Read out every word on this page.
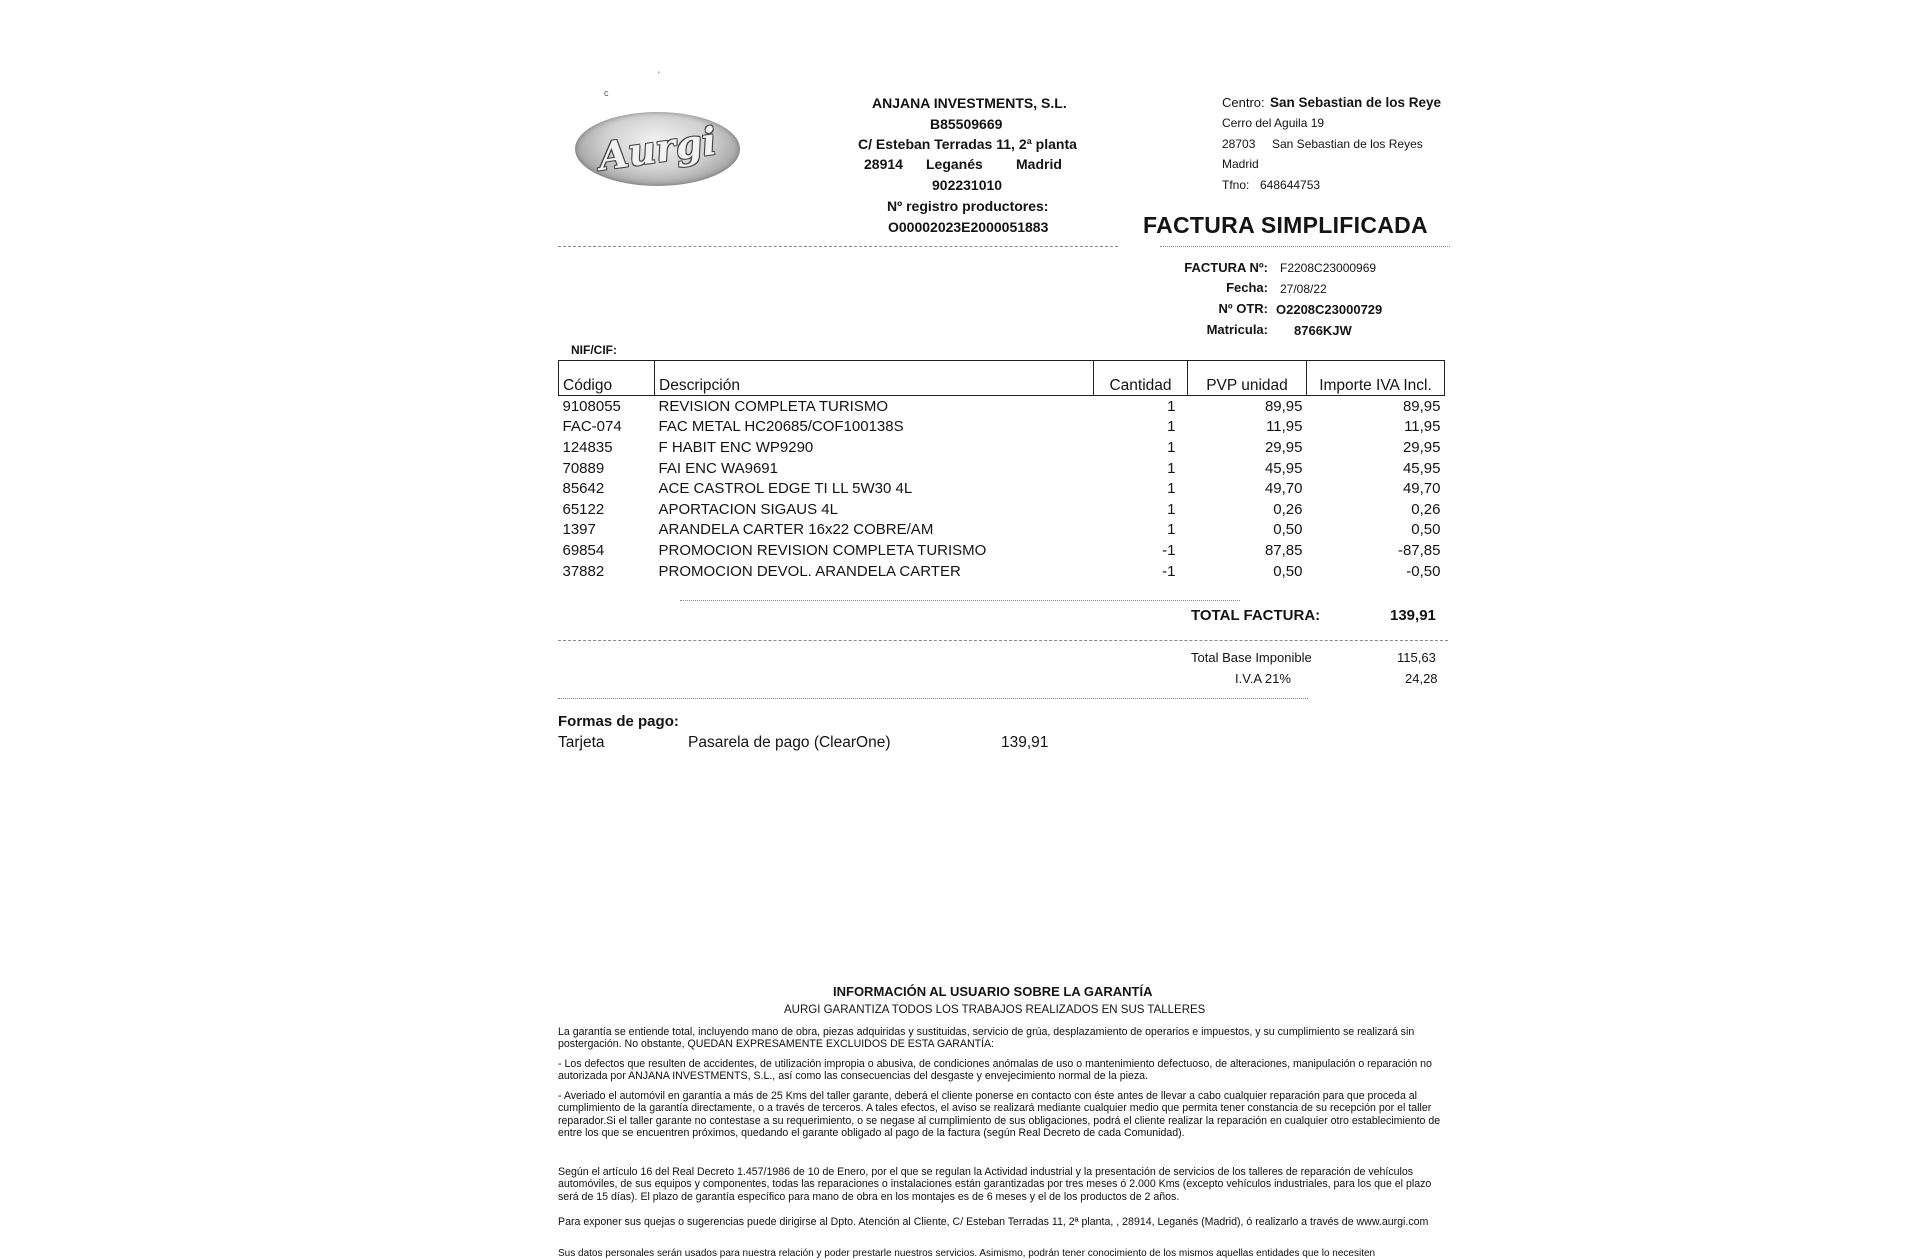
Aurgi
c
'
ANJANA INVESTMENTS, S.L.
B85509669
C/ Esteban Terradas 11, 2ª planta
28914 Leganés Madrid
902231010
Nº registro productores:
O00002023E2000051883
Centro: San Sebastian de los Reye
Cerro del Aguila 19
28703 San Sebastian de los Reyes
Madrid
Tfno: 648644753
FACTURA SIMPLIFICADA
FACTURA Nº: F2208C23000969
Fecha: 27/08/22
Nº OTR: O2208C23000729
Matricula: 8766KJW
NIF/CIF:
Código	Descripción	Cantidad	PVP unidad	Importe IVA Incl.
9108055	REVISION COMPLETA TURISMO	1	89,95	89,95
FAC-074	FAC METAL HC20685/COF100138S	1	11,95	11,95
124835	F HABIT ENC WP9290	1	29,95	29,95
70889	FAI ENC WA9691	1	45,95	45,95
85642	ACE CASTROL EDGE TI LL 5W30 4L	1	49,70	49,70
65122	APORTACION SIGAUS 4L	1	0,26	0,26
1397	ARANDELA CARTER 16x22 COBRE/AM	1	0,50	0,50
69854	PROMOCION REVISION COMPLETA TURISMO	-1	87,85	-87,85
37882	PROMOCION DEVOL. ARANDELA CARTER	-1	0,50	-0,50
TOTAL FACTURA:	139,91
Total Base Imponible	115,63
I.V.A 21%	24,28
Formas de pago:
Tarjeta	Pasarela de pago (ClearOne)	139,91
INFORMACIÓN AL USUARIO SOBRE LA GARANTÍA
AURGI GARANTIZA TODOS LOS TRABAJOS REALIZADOS EN SUS TALLERES
La garantía se entiende total, incluyendo mano de obra, piezas adquiridas y sustituidas, servicio de grúa, desplazamiento de operarios e impuestos, y su cumplimiento se realizará sin postergación. No obstante, QUEDAN EXPRESAMENTE EXCLUIDOS DE ESTA GARANTÍA:
- Los defectos que resulten de accidentes, de utilización impropia o abusiva, de condiciones anómalas de uso o mantenimiento defectuoso, de alteraciones, manipulación o reparación no autorizada por ANJANA INVESTMENTS, S.L., así como las consecuencias del desgaste y envejecimiento normal de la pieza.
- Averiado el automóvil en garantía a más de 25 Kms del taller garante, deberá el cliente ponerse en contacto con éste antes de llevar a cabo cualquier reparación para que proceda al cumplimiento de la garantía directamente, o a través de terceros. A tales efectos, el aviso se realizará mediante cualquier medio que permita tener constancia de su recepción por el taller reparador.Si el taller garante no contestase a su requerimiento, o se negase al cumplimiento de sus obligaciones, podrá el cliente realizar la reparación en cualquier otro establecimiento de entre los que se encuentren próximos, quedando el garante obligado al pago de la factura (según Real Decreto de cada Comunidad).
Según el artículo 16 del Real Decreto 1.457/1986 de 10 de Enero, por el que se regulan la Actividad industrial y la presentación de servicios de los talleres de reparación de vehículos automóviles, de sus equipos y componentes, todas las reparaciones o instalaciones están garantizadas por tres meses ó 2.000 Kms (excepto vehículos industriales, para los que el plazo será de 15 días). El plazo de garantía específico para mano de obra en los montajes es de 6 meses y el de los productos de 2 años.
Para exponer sus quejas o sugerencias puede dirigirse al Dpto. Atención al Cliente, C/ Esteban Terradas 11, 2ª planta, , 28914, Leganés (Madrid), ó realizarlo a través de www.aurgi.com
Sus datos personales serán usados para nuestra relación y poder prestarle nuestros servicios. Asimismo, podrán tener conocimiento de los mismos aquellas entidades que lo necesiten
